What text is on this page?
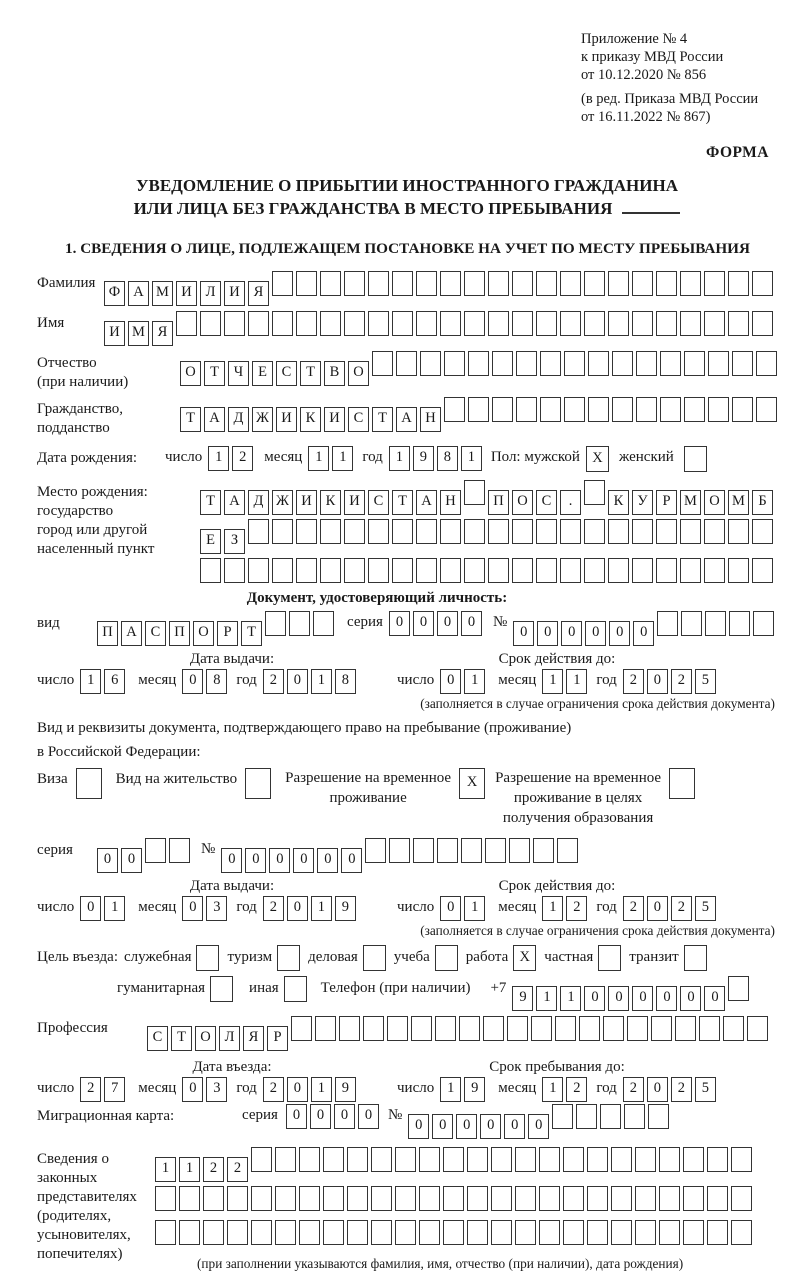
Приложение № 4
к приказу МВД России
от 10.12.2020 № 856
(в ред. Приказа МВД России
от 16.11.2022 № 867)
ФОРМА
УВЕДОМЛЕНИЕ О ПРИБЫТИИ ИНОСТРАННОГО ГРАЖДАНИНА
ИЛИ ЛИЦА БЕЗ ГРАЖДАНСТВА В МЕСТО ПРЕБЫВАНИЯ
1. СВЕДЕНИЯ О ЛИЦЕ, ПОДЛЕЖАЩЕМ ПОСТАНОВКЕ НА УЧЕТ ПО МЕСТУ ПРЕБЫВАНИЯ
Фамилия
Ф А М И Л И Я
Имя
И М Я
Отчество
(при наличии)
О Т Ч Е С Т В О
Гражданство,
подданство
Т А Д Ж И К И С Т А Н
Дата рождения:	число 1 2	месяц 1 1	год 1 9 8 1	Пол: мужской X	женский
Место рождения:
государство
город или другой
населенный пункт
Т А Д Ж И К И С Т А Н	П О С .	К У Р М О М Б
Е З
Документ, удостоверяющий личность:
вид
П А С П О Р Т
серия 0 0 0 0	№
0 0 0 0 0 0
Дата выдачи:	Срок действия до:
число 1 6	месяц 0 8	год 2 0 1 8	число 0 1	месяц 1 1	год 2 0 2 5
(заполняется в случае ограничения срока действия документа)
Вид и реквизиты документа, подтверждающего право на пребывание (проживание)
в Российской Федерации:
Виза	Вид на жительство	Разрешение на временное
проживание
X	Разрешение на временное
проживание в целях
получения образования
серия
0 0
№
0 0 0 0 0 0
Дата выдачи:	Срок действия до:
число 0 1	месяц 0 3	год 2 0 1 9	число 0 1	месяц 1 2	год 2 0 2 5
(заполняется в случае ограничения срока действия документа)
Цель въезда: служебная туризм деловая учеба работа X частная транзит
гуманитарная	иная	Телефон (при наличии) +7
9 1 1 0 0 0 0 0 0
Профессия
С Т О Л Я Р
Дата въезда:	Срок пребывания до:
число 2 7	месяц 0 3	год 2 0 1 9	число 1 9	месяц 1 2	год 2 0 2 5
Миграционная карта:	серия	0 0 0 0	№
0 0 0 0 0 0
Сведения о
законных
представителях
(родителях,
усыновителях,
попечителях)
1 1 2 2
(при заполнении указываются фамилия, имя, отчество (при наличии), дата рождения)
